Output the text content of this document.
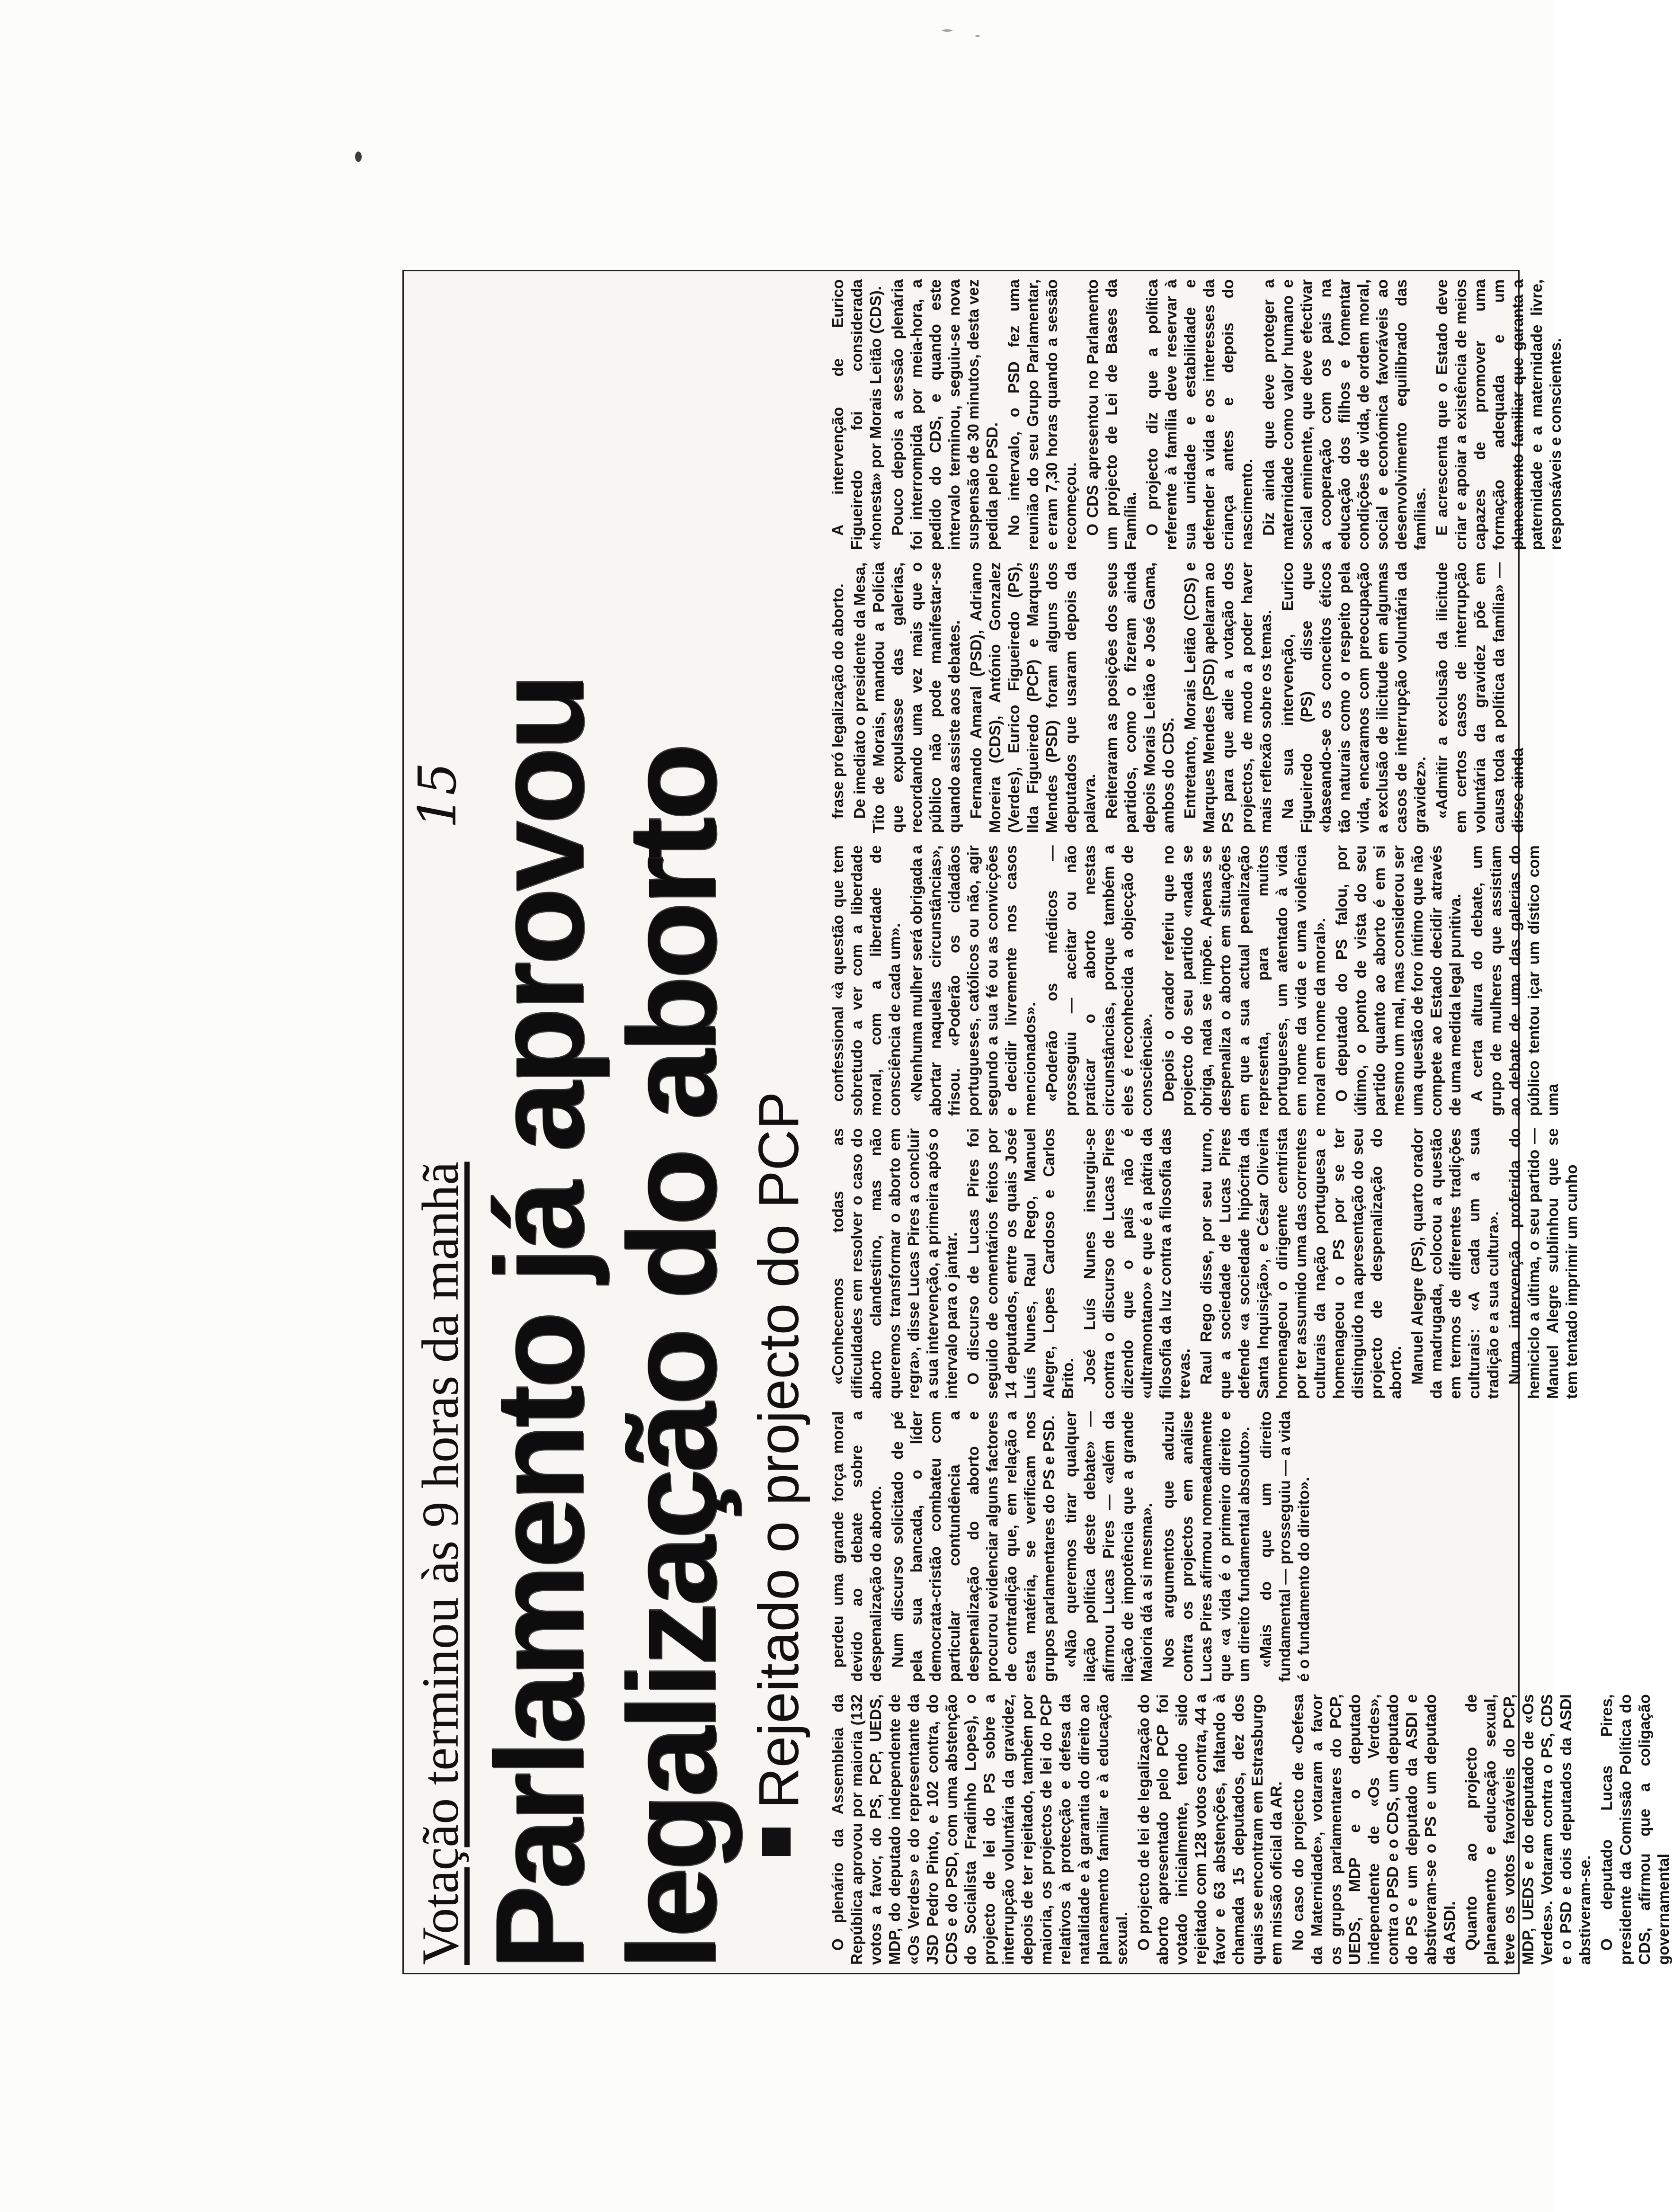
Votação terminou às 9 horas da manhã
15 Parlamento já aprovou
legalização do aborto Rejeitado o projecto do PCP

O plenário da Assembleia da República aprovou por maioria (132 votos a favor, do PS, PCP, UEDS, MDP, do deputado independente de «Os Verdes» e do representante da JSD Pedro Pinto, e 102 contra, do CDS e do PSD, com uma abstenção do Socialista Fradinho Lopes), o projecto de lei do PS sobre a interrupção voluntária da gravidez, depois de ter rejeitado, também por maioria, os projectos de lei do PCP relativos à protecção e defesa da natalidade e à garantia do direito ao planeamento familiar e à educação sexual. O projecto de lei de legalização do aborto apresentado pelo PCP foi votado inicialmente, tendo sido rejeitado com 128 votos contra, 44 a favor e 63 abstenções, faltando à chamada 15 deputados, dez dos quais se encontram em Estrasburgo em missão oficial da AR. No caso do projecto de «Defesa da Maternidade», votaram a favor os grupos parlamentares do PCP, UEDS, MDP e o deputado independente de «Os Verdes», contra o PSD e o CDS, um deputado do PS e um deputado da ASDI e abstiveram-se o PS e um deputado da ASDI. Quanto ao projecto de planeamento e educação sexual, teve os votos favoráveis do PCP, MDP, UEDS e do deputado de «Os Verdes». Votaram contra o PS, CDS e o PSD e dois deputados da ASDI abstiveram-se. O deputado Lucas Pires, presidente da Comissão Política do CDS, afirmou que a coligação governamental

perdeu uma grande força moral devido ao debate sobre a despenalização do aborto. Num discurso solicitado de pé pela sua bancada, o líder democrata-cristão combateu com particular contundência a despenalização do aborto e procurou evidenciar alguns factores de contradição que, em relação a esta matéria, se verificam nos grupos parlamentares do PS e PSD. «Não queremos tirar qualquer ilação política deste debate» — afirmou Lucas Pires — «além da ilação de impotência que a grande Maioria dá a si mesma». Nos argumentos que aduziu contra os projectos em análise Lucas Pires afirmou nomeadamente que «a vida é o primeiro direito e um direito fundamental absoluto». «Mais do que um direito fundamental — prosseguiu — a vida é o fundamento do direito».

«Conhecemos todas as dificuldades em resolver o caso do aborto clandestino, mas não queremos transformar o aborto em regra», disse Lucas Pires a concluir a sua intervenção, a primeira após o intervalo para o jantar. O discurso de Lucas Pires foi seguido de comentários feitos por 14 deputados, entre os quais José Luís Nunes, Raul Rego, Manuel Alegre, Lopes Cardoso e Carlos Brito. José Luís Nunes insurgiu-se contra o discurso de Lucas Pires dizendo que o país não é «ultramontano» e que é a pátria da filosofia da luz contra a filosofia das trevas. Raul Rego disse, por seu turno, que a sociedade de Lucas Pires defende «a sociedade hipócrita da Santa Inquisição», e César Oliveira homenageou o dirigente centrista por ter assumido uma das correntes culturais da nação portuguesa e homenageou o PS por se ter distinguido na apresentação do seu projecto de despenalização do aborto. Manuel Alegre (PS), quarto orador da madrugada, colocou a questão em termos de diferentes tradições culturais: «A cada um a sua tradição e a sua cultura». Numa intervenção proferida do hemiciclo a última, o seu partido — Manuel Alegre sublinhou que se tem tentado imprimir um cunho

confessional «à questão que tem sobretudo a ver com a liberdade moral, com a liberdade de consciência de cada um». «Nenhuma mulher será obrigada a abortar naquelas circunstâncias», frisou. «Poderão os cidadãos portugueses, católicos ou não, agir segundo a sua fé ou as convicções e decidir livremente nos casos mencionados». «Poderão os médicos — prosseguiu — aceitar ou não praticar o aborto nestas circunstâncias, porque também a eles é reconhecida a objecção de consciência». Depois o orador referiu que no projecto do seu partido «nada se obriga, nada se impõe. Apenas se despenaliza o aborto em situações em que a sua actual penalização representa, para muitos portugueses, um atentado à vida em nome da vida e uma violência moral em nome da moral». O deputado do PS falou, por último, o ponto de vista do seu partido quanto ao aborto é em si mesmo um mal, mas considerou ser uma questão de foro íntimo que não compete ao Estado decidir através de uma medida legal punitiva. A certa altura do debate, um grupo de mulheres que assistiam ao debate de uma das galerias do público tentou içar um dístico com uma

frase pró legalização do aborto. De imediato o presidente da Mesa, Tito de Morais, mandou a Polícia que expulsasse das galerias, recordando uma vez mais que o público não pode manifestar-se quando assiste aos debates. Fernando Amaral (PSD), Adriano Moreira (CDS), António Gonzalez (Verdes), Eurico Figueiredo (PS), Ilda Figueiredo (PCP) e Marques Mendes (PSD) foram alguns dos deputados que usaram depois da palavra. Reiteraram as posições dos seus partidos, como o fizeram ainda depois Morais Leitão e José Gama, ambos do CDS. Entretanto, Morais Leitão (CDS) e Marques Mendes (PSD) apelaram ao PS para que adie a votação dos projectos, de modo a poder haver mais reflexão sobre os temas. Na sua intervenção, Eurico Figueiredo (PS) disse que «baseando-se os conceitos éticos tão naturais como o respeito pela vida, encaramos com preocupação a exclusão de ilicitude em algumas casos de interrupção voluntária da gravidez». «Admitir a exclusão da ilicitude em certos casos de interrupção voluntária da gravidez põe em causa toda a política da família» — disse ainda

A intervenção de Eurico Figueiredo foi considerada «honesta» por Morais Leitão (CDS). Pouco depois a sessão plenária foi interrompida por meia-hora, a pedido do CDS, e quando este intervalo terminou, seguiu-se nova suspensão de 30 minutos, desta vez pedida pelo PSD. No intervalo, o PSD fez uma reunião do seu Grupo Parlamentar, e eram 7,30 horas quando a sessão recomeçou. O CDS apresentou no Parlamento um projecto de Lei de Bases da Família. O projecto diz que a política referente à família deve reservar à sua unidade e estabilidade e defender a vida e os interesses da criança antes e depois do nascimento. Diz ainda que deve proteger a maternidade como valor humano e social eminente, que deve efectivar a cooperação com os pais na educação dos filhos e fomentar condições de vida, de ordem moral, social e económica favoráveis ao desenvolvimento equilibrado das famílias. E acrescenta que o Estado deve criar e apoiar a existência de meios capazes de promover uma formação adequada e um planeamento familiar que garanta a paternidade e a maternidade livre, responsáveis e conscientes.
